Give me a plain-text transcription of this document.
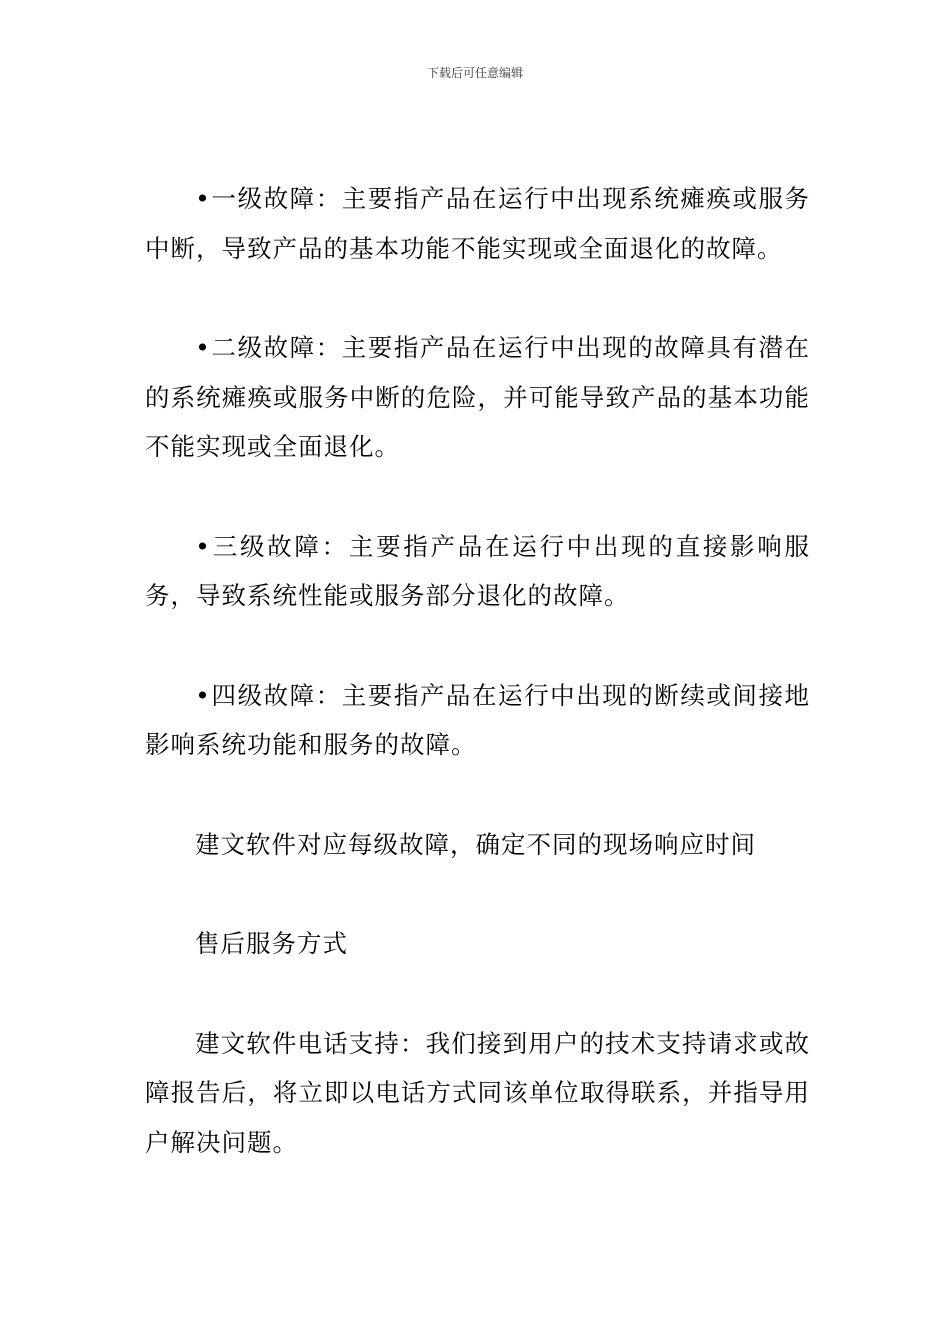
下载后可任意编辑

•一级故障：主要指产品在运行中出现系统瘫痪或服务中断，导致产品的基本功能不能实现或全面退化的故障。

•二级故障：主要指产品在运行中出现的故障具有潜在的系统瘫痪或服务中断的危险，并可能导致产品的基本功能不能实现或全面退化。

•三级故障：主要指产品在运行中出现的直接影响服务，导致系统性能或服务部分退化的故障。

•四级故障：主要指产品在运行中出现的断续或间接地影响系统功能和服务的故障。

建文软件对应每级故障，确定不同的现场响应时间

售后服务方式

建文软件电话支持：我们接到用户的技术支持请求或故障报告后，将立即以电话方式同该单位取得联系，并指导用户解决问题。
